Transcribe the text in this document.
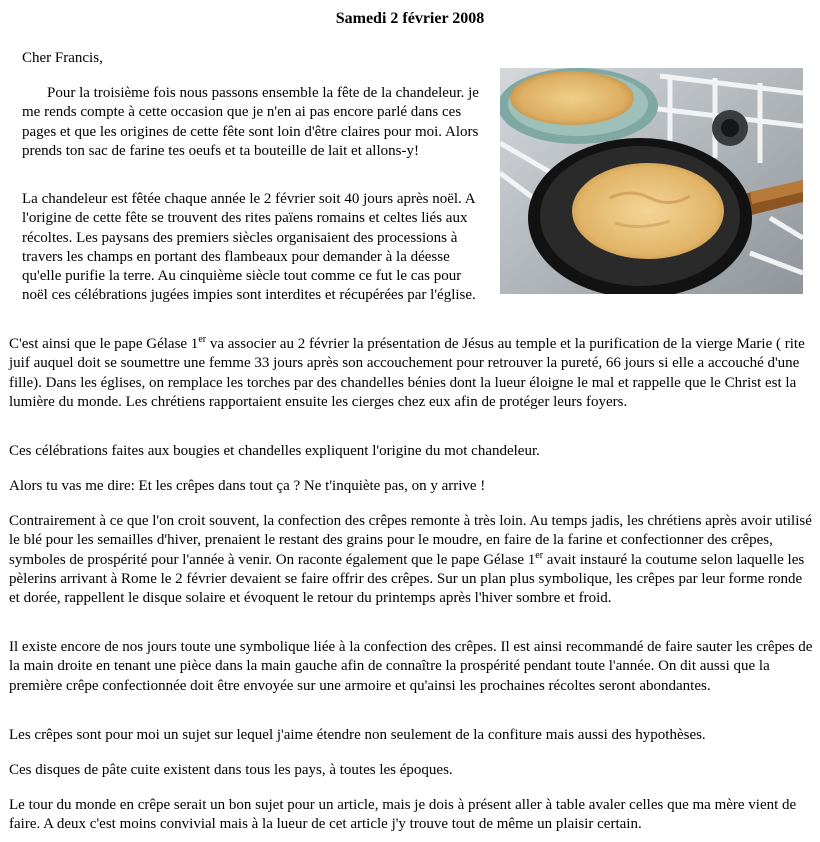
Samedi 2 février 2008

Cher Francis,

Pour la troisième fois nous passons ensemble la fête de la chandeleur. je me rends compte à cette occasion que je n'en ai pas encore parlé dans ces pages et que les origines de cette fête sont loin d'être claires pour moi. Alors prends ton sac de farine tes oeufs et ta bouteille de lait et allons-y!

La chandeleur est fêtée chaque année le 2 février soit 40 jours après noël. A l'origine de cette fête se trouvent des rites païens romains et celtes liés aux récoltes. Les paysans des premiers siècles organisaient des processions à travers les champs en portant des flambeaux pour demander à la déesse qu'elle purifie la terre. Au cinquième siècle tout comme ce fut le cas pour noël ces célébrations jugées impies sont interdites et récupérées par l'église.

C'est ainsi que le pape Gélase 1er va associer au 2 février la présentation de Jésus au temple et la purification de la vierge Marie ( rite juif auquel doit se soumettre une femme 33 jours après son accouchement pour retrouver la pureté, 66 jours si elle a accouché d'une fille). Dans les églises, on remplace les torches par des chandelles bénies dont la lueur éloigne le mal et rappelle que le Christ est la lumière du monde. Les chrétiens rapportaient ensuite les cierges chez eux afin de protéger leurs foyers.

Ces célébrations faites aux bougies et chandelles expliquent l'origine du mot chandeleur.

Alors tu vas me dire: Et les crêpes dans tout ça ? Ne t'inquiète pas, on y arrive !

Contrairement à ce que l'on croit souvent, la confection des crêpes remonte à très loin. Au temps jadis, les chrétiens après avoir utilisé le blé pour les semailles d'hiver, prenaient le restant des grains pour le moudre, en faire de la farine et confectionner des crêpes, symboles de prospérité pour l'année à venir. On raconte également que le pape Gélase 1er avait instauré la coutume selon laquelle les pèlerins arrivant à Rome le 2 février devaient se faire offrir des crêpes. Sur un plan plus symbolique, les crêpes par leur forme ronde et dorée, rappellent le disque solaire et évoquent le retour du printemps après l'hiver sombre et froid.

Il existe encore de nos jours toute une symbolique liée à la confection des crêpes. Il est ainsi recommandé de faire sauter les crêpes de la main droite en tenant une pièce dans la main gauche afin de connaître la prospérité pendant toute l'année. On dit aussi que la première crêpe confectionnée doit être envoyée sur une armoire et qu'ainsi les prochaines récoltes seront abondantes.

Les crêpes sont pour moi un sujet sur lequel j'aime étendre non seulement de la confiture mais aussi des hypothèses.

Ces disques de pâte cuite existent dans tous les pays, à toutes les époques.

Le tour du monde en crêpe serait un bon sujet pour un article, mais je dois à présent aller à table avaler celles que ma mère vient de faire. A deux c'est moins convivial mais à la lueur de cet article j'y trouve tout de même un plaisir certain.
